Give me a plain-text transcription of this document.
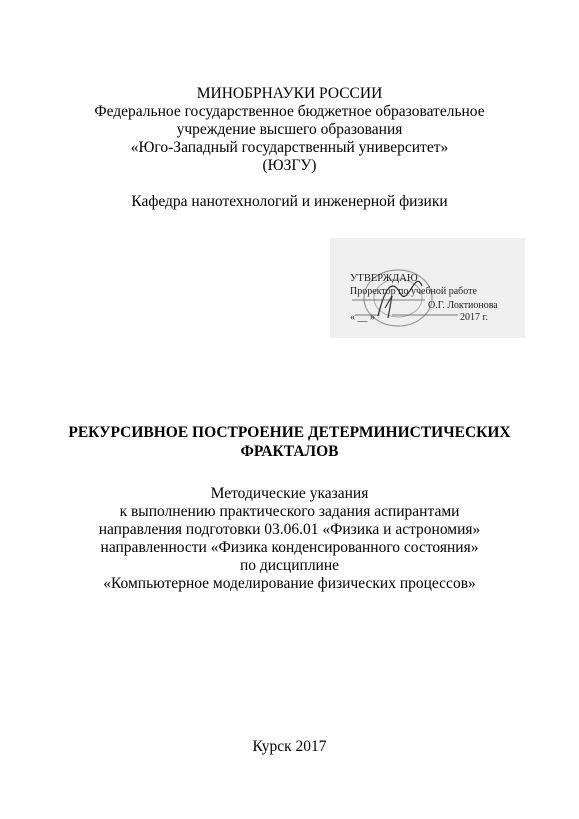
МИНОБРНАУКИ РОССИИ
Федеральное государственное бюджетное образовательное
учреждение высшего образования
«Юго-Западный государственный университет»
(ЮЗГУ)
Кафедра нанотехнологий и инженерной физики
УТВЕРЖДАЮ
Проректор по учебной работе
О.Г. Локтионова
« __ »	2017 г.
РЕКУРСИВНОЕ ПОСТРОЕНИЕ ДЕТЕРМИНИСТИЧЕСКИХ
ФРАКТАЛОВ
Методические указания
к выполнению практического задания аспирантами
направления подготовки 03.06.01 «Физика и астрономия»
направленности «Физика конденсированного состояния»
по дисциплине
«Компьютерное моделирование физических процессов»
Курск 2017
